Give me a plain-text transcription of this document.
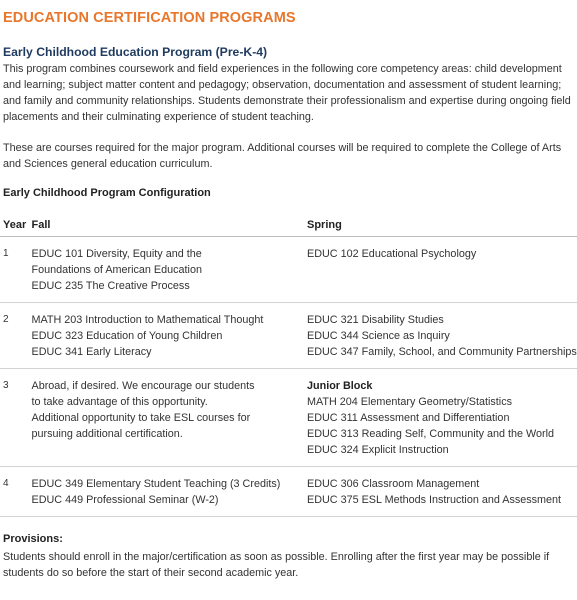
EDUCATION CERTIFICATION PROGRAMS
Early Childhood Education Program (Pre-K-4)
This program combines coursework and field experiences in the following core competency areas: child development and learning; subject matter content and pedagogy; observation, documentation and assessment of student learning; and family and community relationships. Students demonstrate their professionalism and expertise during ongoing field placements and their culminating experience of student teaching.
These are courses required for the major program. Additional courses will be required to complete the College of Arts and Sciences general education curriculum.
Early Childhood Program Configuration
Year	Fall	Spring

1	EDUC 101 Diversity, Equity and the
Foundations of American Education
EDUC 235 The Creative Process	EDUC 102 Educational Psychology

2	MATH 203 Introduction to Mathematical Thought
EDUC 323 Education of Young Children
EDUC 341 Early Literacy	EDUC 321 Disability Studies
EDUC 344 Science as Inquiry
EDUC 347 Family, School, and Community Partnerships

3	Abroad, if desired. We encourage our students
to take advantage of this opportunity.
Additional opportunity to take ESL courses for
pursuing additional certification.	Junior Block
MATH 204 Elementary Geometry/Statistics
EDUC 311 Assessment and Differentiation
EDUC 313 Reading Self, Community and the World
EDUC 324 Explicit Instruction

4	EDUC 349 Elementary Student Teaching (3 Credits)
EDUC 449 Professional Seminar (W-2)	EDUC 306 Classroom Management
EDUC 375 ESL Methods Instruction and Assessment
Provisions:
Students should enroll in the major/certification as soon as possible. Enrolling after the first year may be possible if students do so before the start of their second academic year.
